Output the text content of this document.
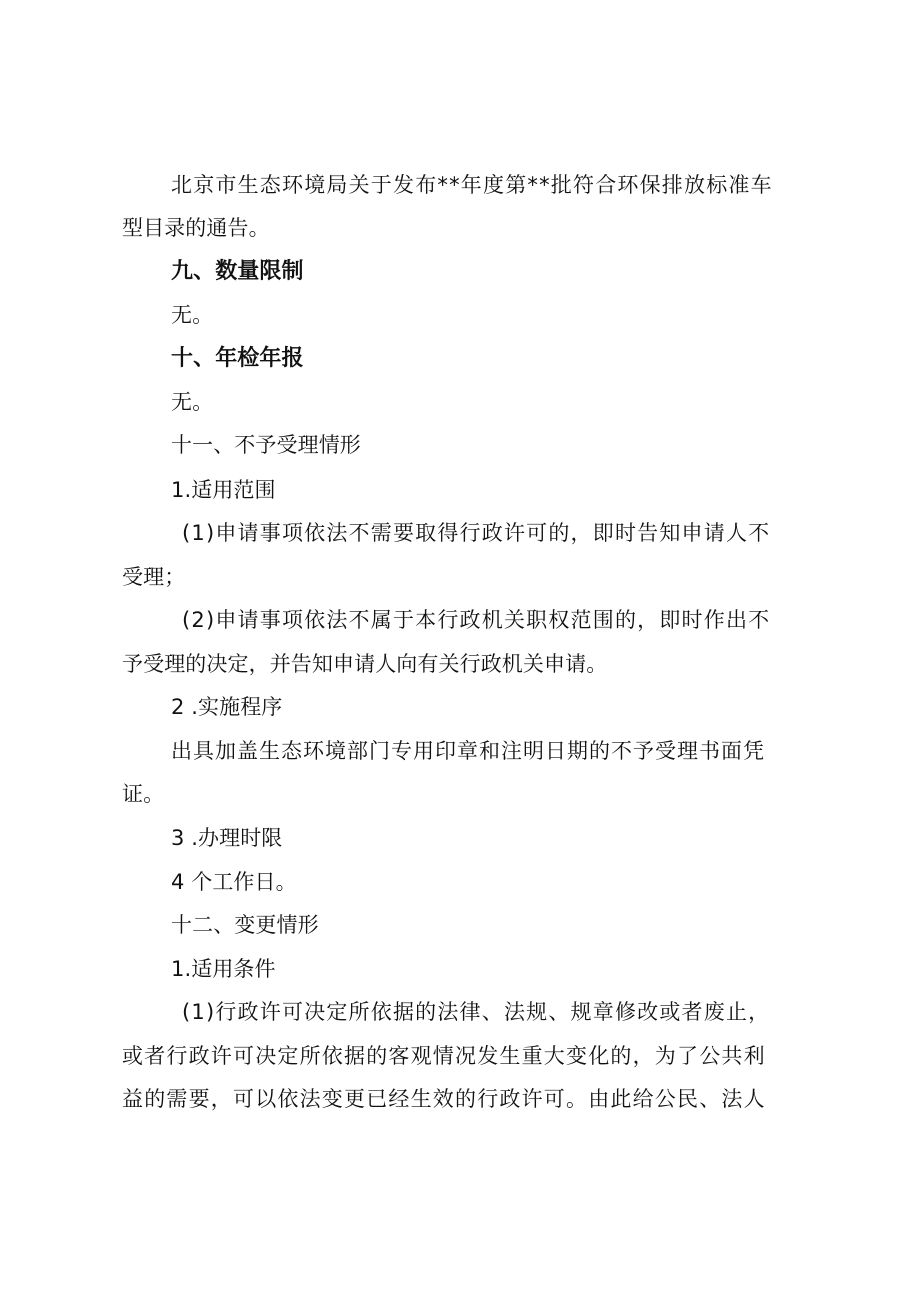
北京市生态环境局关于发布**年度第**批符合环保排放标准车
型目录的通告。
九、数量限制
无。
十、年检年报
无。
十一、不予受理情形
1.适用范围
(1)申请事项依法不需要取得行政许可的，即时告知申请人不
受理；
(2)申请事项依法不属于本行政机关职权范围的，即时作出不
予受理的决定，并告知申请人向有关行政机关申请。
2 .实施程序
出具加盖生态环境部门专用印章和注明日期的不予受理书面凭
证。
3 .办理时限
4 个工作日。
十二、变更情形
1.适用条件
(1)行政许可决定所依据的法律、法规、规章修改或者废止，
或者行政许可决定所依据的客观情况发生重大变化的，为了公共利
益的需要，可以依法变更已经生效的行政许可。由此给公民、法人
